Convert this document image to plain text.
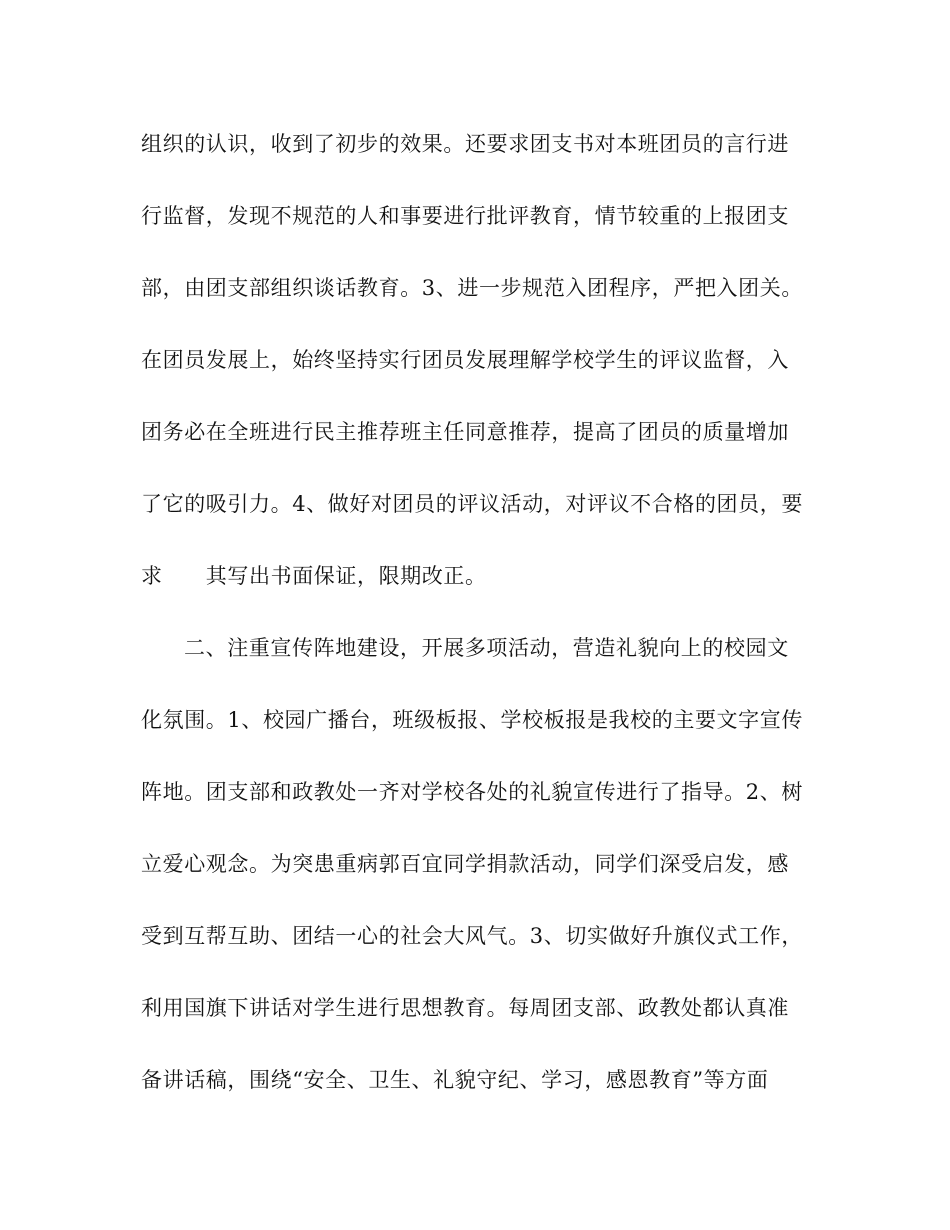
组织的认识，收到了初步的效果。还要求团支书对本班团员的言行进
行监督，发现不规范的人和事要进行批评教育，情节较重的上报团支
部，由团支部组织谈话教育。3、进一步规范入团程序，严把入团关。
在团员发展上，始终坚持实行团员发展理解学校学生的评议监督，入
团务必在全班进行民主推荐班主任同意推荐，提高了团员的质量增加
了它的吸引力。4、做好对团员的评议活动，对评议不合格的团员，要
求　　其写出书面保证，限期改正。
二、注重宣传阵地建设，开展多项活动，营造礼貌向上的校园文
化氛围。1、校园广播台，班级板报、学校板报是我校的主要文字宣传
阵地。团支部和政教处一齐对学校各处的礼貌宣传进行了指导。2、树
立爱心观念。为突患重病郭百宜同学捐款活动，同学们深受启发，感
受到互帮互助、团结一心的社会大风气。3、切实做好升旗仪式工作，
利用国旗下讲话对学生进行思想教育。每周团支部、政教处都认真准
备讲话稿，围绕“安全、卫生、礼貌守纪、学习，感恩教育”等方面
